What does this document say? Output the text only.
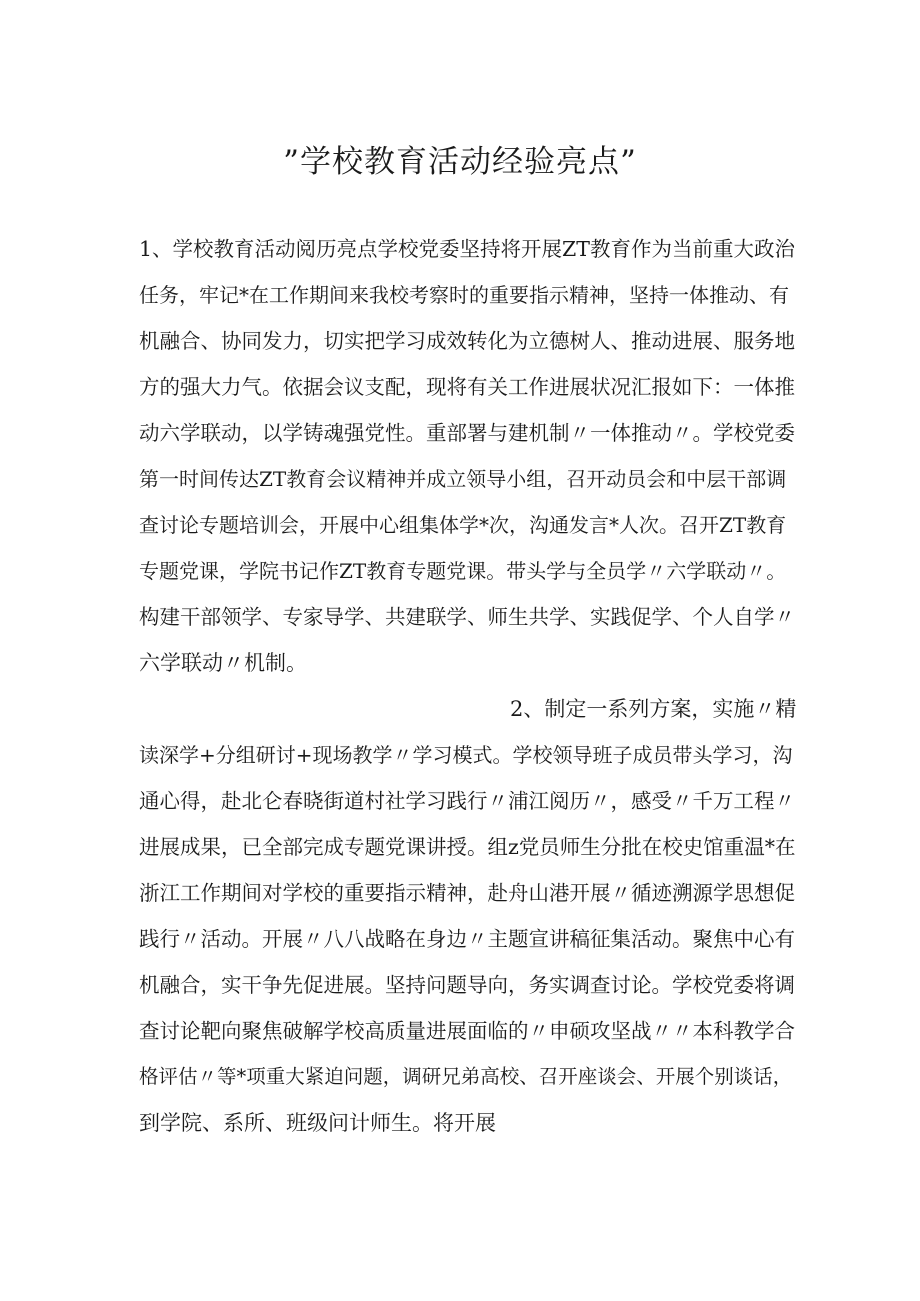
”学校教育活动经验亮点”
1、学校教育活动阅历亮点学校党委坚持将开展ZT教育作为当前重大政治
任务，牢记*在工作期间来我校考察时的重要指示精神，坚持一体推动、有
机融合、协同发力，切实把学习成效转化为立德树人、推动进展、服务地
方的强大力气。依据会议支配，现将有关工作进展状况汇报如下：一体推
动六学联动，以学铸魂强党性。重部署与建机制〃一体推动〃。学校党委
第一时间传达ZT教育会议精神并成立领导小组，召开动员会和中层干部调
查讨论专题培训会，开展中心组集体学*次，沟通发言*人次。召开ZT教育
专题党课，学院书记作ZT教育专题党课。带头学与全员学〃六学联动〃。
构建干部领学、专家导学、共建联学、师生共学、实践促学、个人自学〃
六学联动〃机制。
2、制定一系列方案，实施〃精
读深学+分组研讨+现场教学〃学习模式。学校领导班子成员带头学习，沟
通心得，赴北仑春晓街道村社学习践行〃浦江阅历〃，感受〃千万工程〃
进展成果，已全部完成专题党课讲授。组z党员师生分批在校史馆重温*在
浙江工作期间对学校的重要指示精神，赴舟山港开展〃循迹溯源学思想促
践行〃活动。开展〃八八战略在身边〃主题宣讲稿征集活动。聚焦中心有
机融合，实干争先促进展。坚持问题导向，务实调查讨论。学校党委将调
查讨论靶向聚焦破解学校高质量进展面临的〃申硕攻坚战〃〃本科教学合
格评估〃等*项重大紧迫问题，调研兄弟高校、召开座谈会、开展个别谈话，
到学院、系所、班级问计师生。将开展
